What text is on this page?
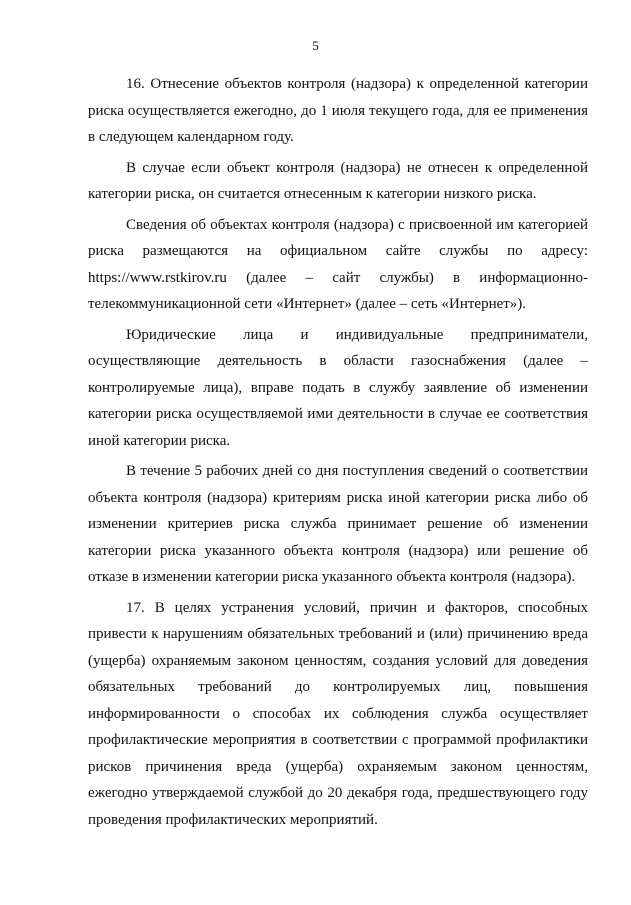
5

16. Отнесение объектов контроля (надзора) к определенной категории риска осуществляется ежегодно, до 1 июля текущего года, для ее применения в следующем календарном году.

В случае если объект контроля (надзора) не отнесен к определенной категории риска, он считается отнесенным к категории низкого риска.

Сведения об объектах контроля (надзора) с присвоенной им категорией риска размещаются на официальном сайте службы по адресу: https://www.rstkirov.ru (далее – сайт службы) в информационно-телекоммуникационной сети «Интернет» (далее – сеть «Интернет»).

Юридические лица и индивидуальные предприниматели, осуществляющие деятельность в области газоснабжения (далее – контролируемые лица), вправе подать в службу заявление об изменении категории риска осуществляемой ими деятельности в случае ее соответствия иной категории риска.

В течение 5 рабочих дней со дня поступления сведений о соответствии объекта контроля (надзора) критериям риска иной категории риска либо об изменении критериев риска служба принимает решение об изменении категории риска указанного объекта контроля (надзора) или решение об отказе в изменении категории риска указанного объекта контроля (надзора).

17. В целях устранения условий, причин и факторов, способных привести к нарушениям обязательных требований и (или) причинению вреда (ущерба) охраняемым законом ценностям, создания условий для доведения обязательных требований до контролируемых лиц, повышения информированности о способах их соблюдения служба осуществляет профилактические мероприятия в соответствии с программой профилактики рисков причинения вреда (ущерба) охраняемым законом ценностям, ежегодно утверждаемой службой до 20 декабря года, предшествующего году проведения профилактических мероприятий.
